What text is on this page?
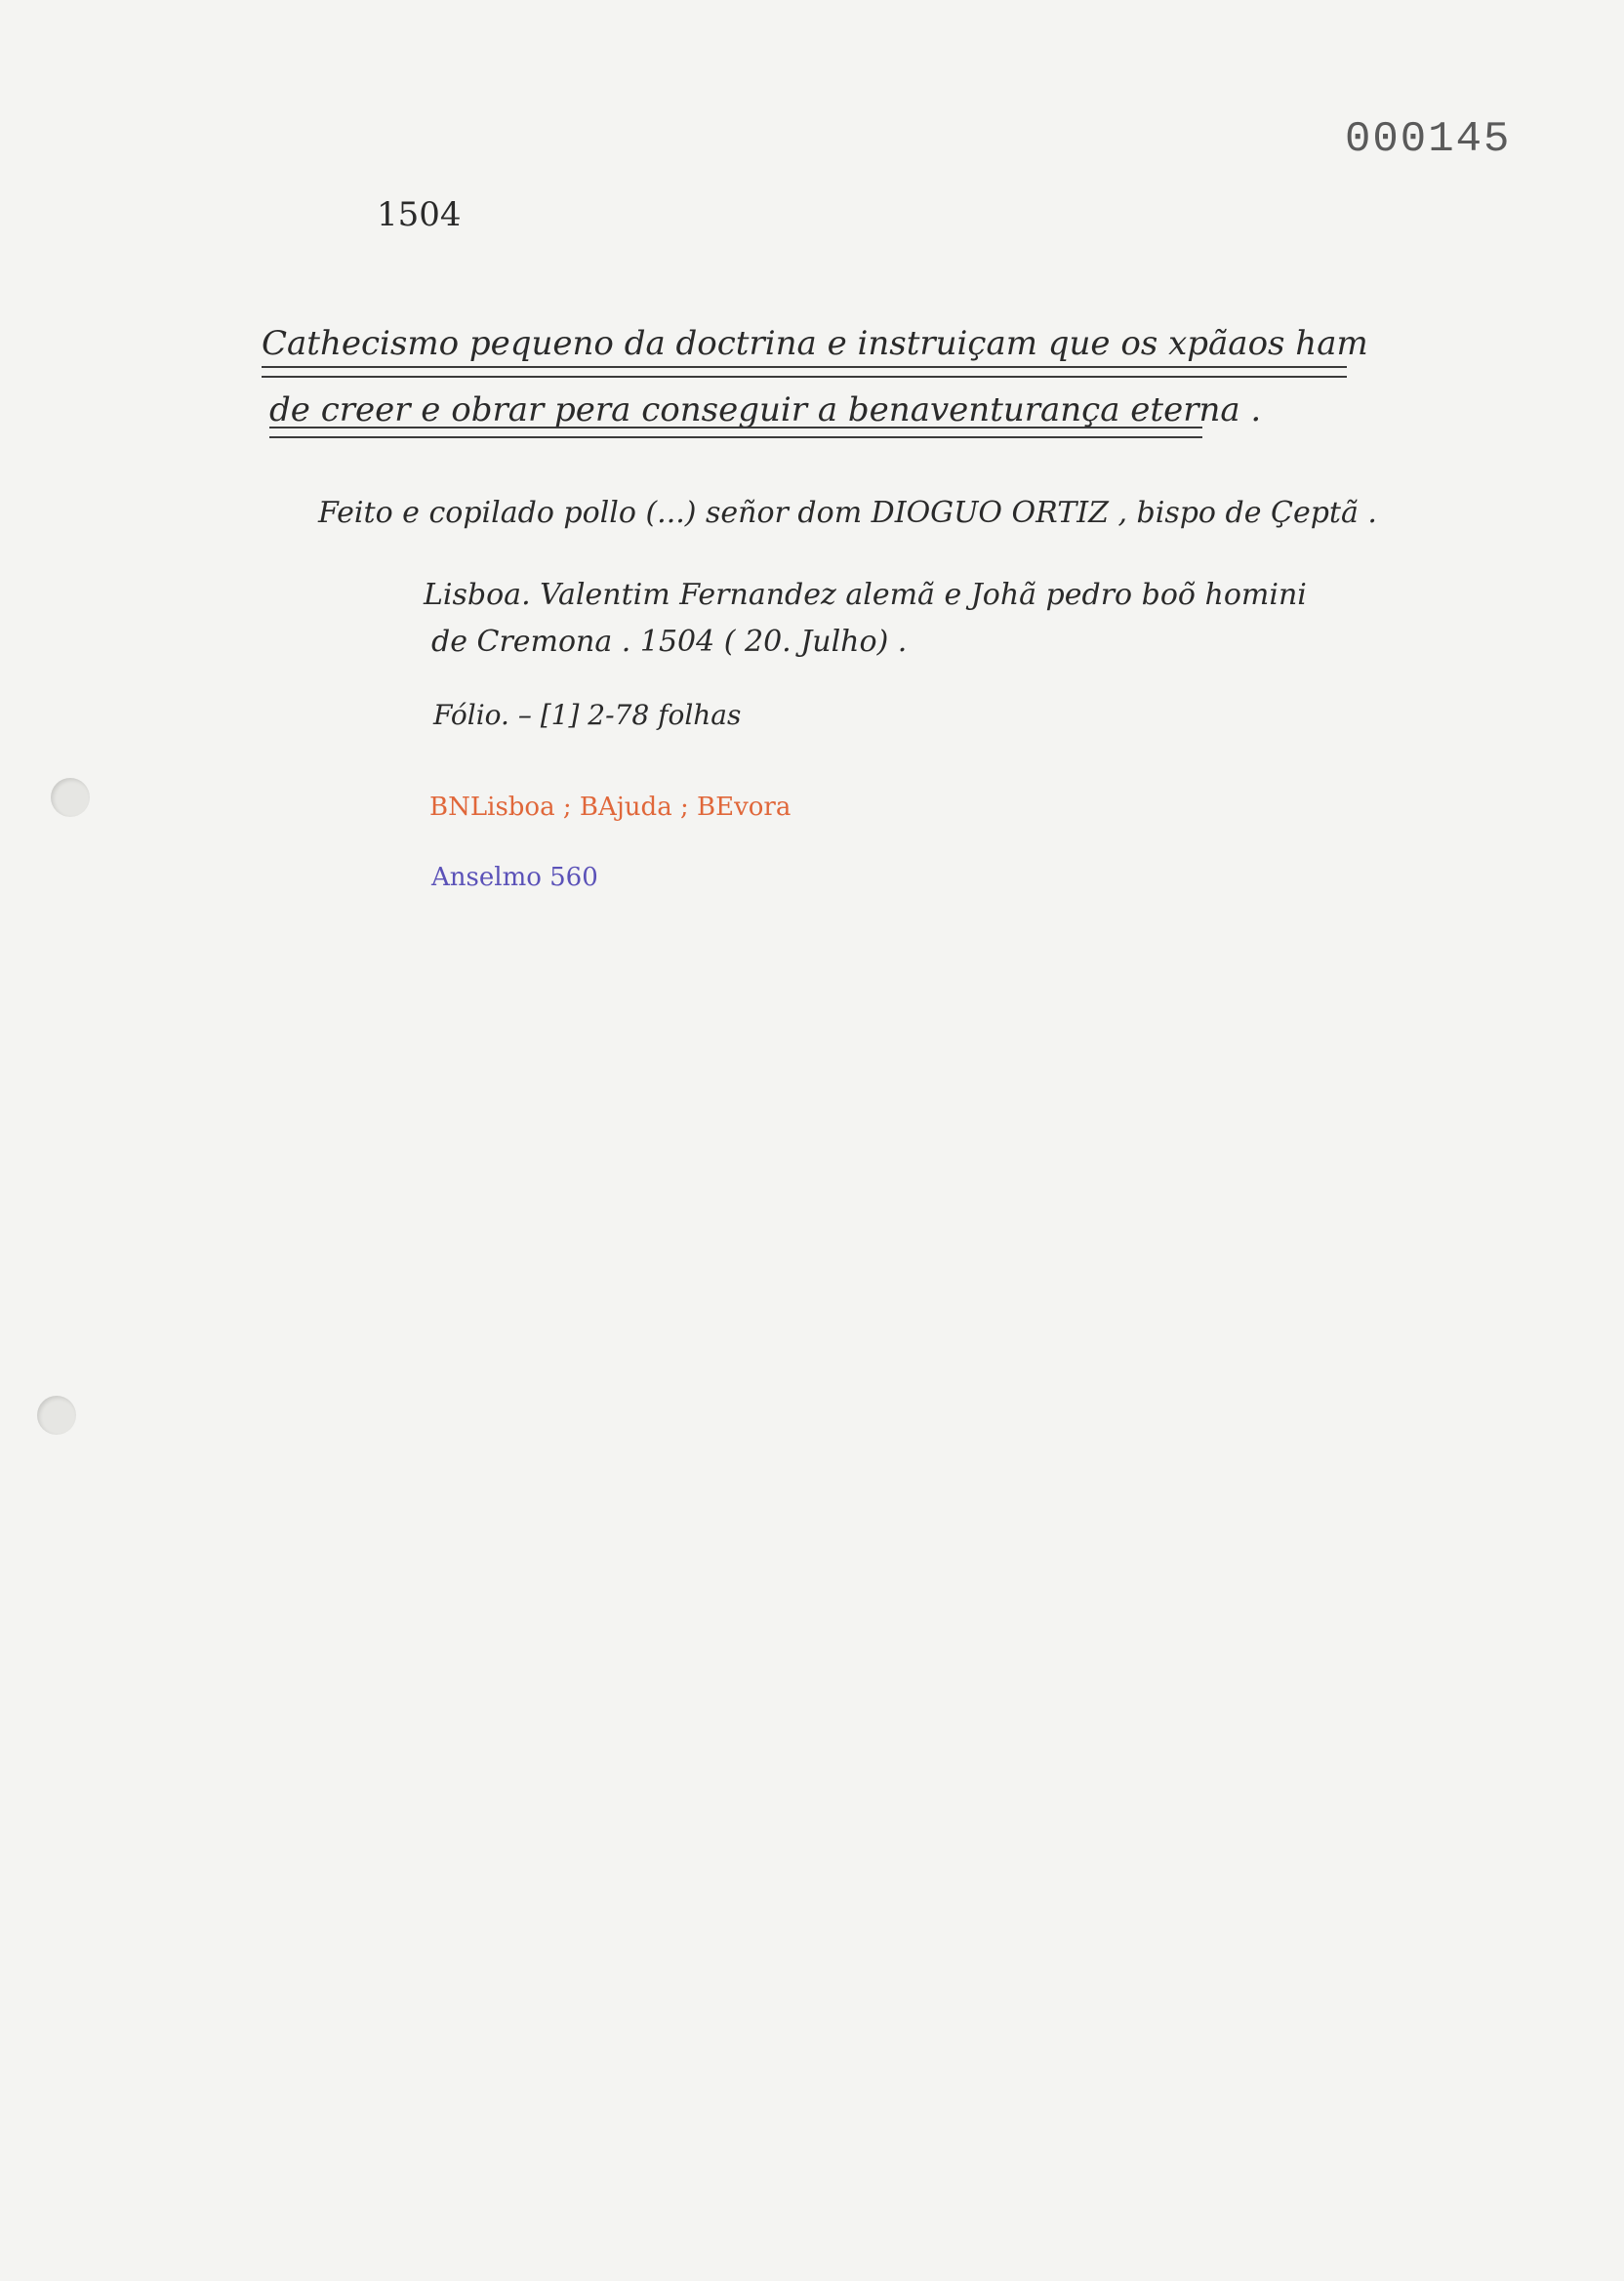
000145
1504
Cathecismo pequeno da doctrina e instruiçam que os xpãaos ham
de creer e obrar pera conseguir a benaventurança eterna .
Feito e copilado pollo (...) señor dom DIOGUO ORTIZ , bispo de Çeptã .
Lisboa. Valentim Fernandez alemã e Johã pedro boõ homini
de Cremona . 1504 ( 20. Julho) .
Fólio. – [1] 2-78 folhas
BNLisboa ; BAjuda ; BEvora
Anselmo 560
